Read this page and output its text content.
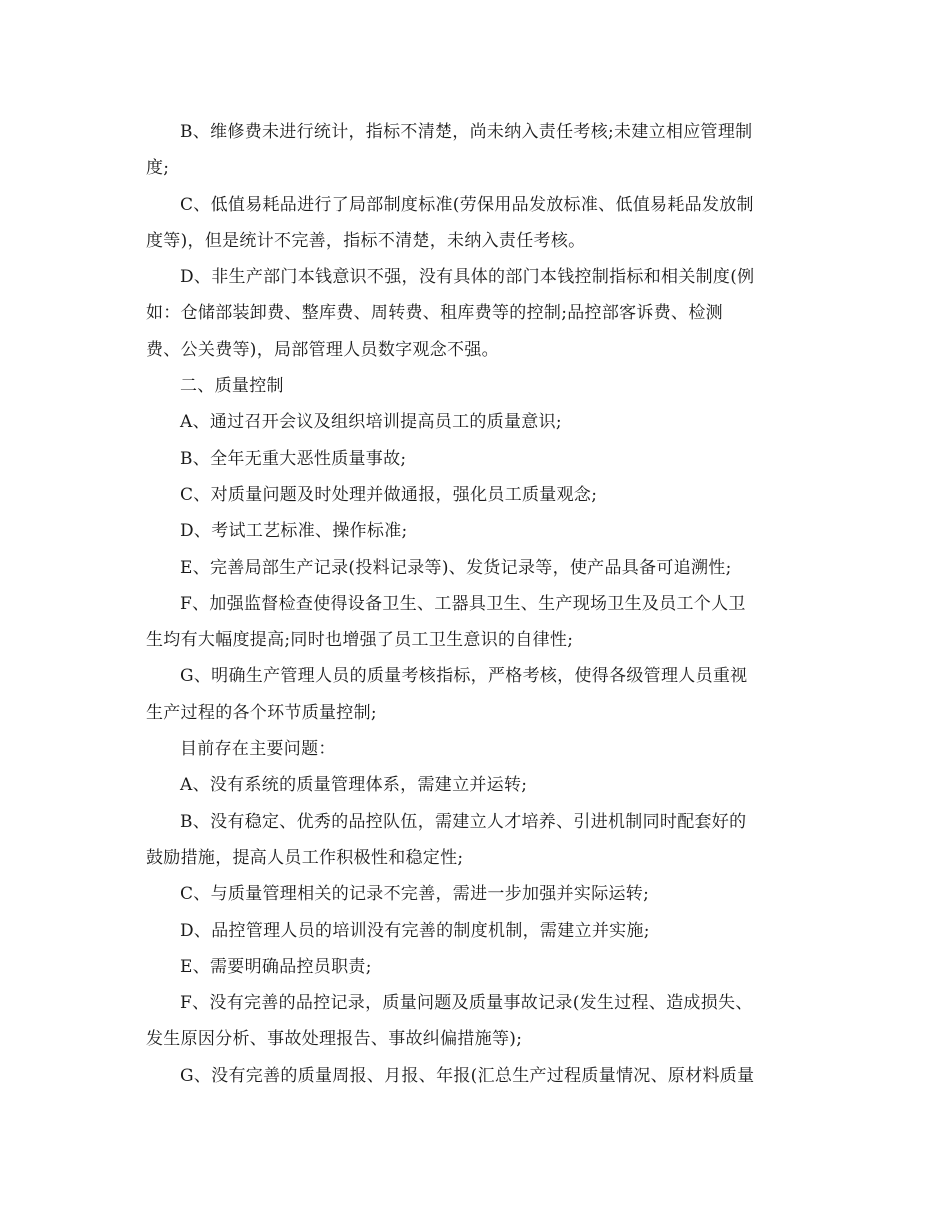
B、维修费未进行统计，指标不清楚，尚未纳入责任考核;未建立相应管理制

度;

C、低值易耗品进行了局部制度标准(劳保用品发放标准、低值易耗品发放制

度等)，但是统计不完善，指标不清楚，未纳入责任考核。

D、非生产部门本钱意识不强，没有具体的部门本钱控制指标和相关制度(例

如：仓储部装卸费、整库费、周转费、租库费等的控制;品控部客诉费、检测

费、公关费等)，局部管理人员数字观念不强。

二、质量控制

A、通过召开会议及组织培训提高员工的质量意识;

B、全年无重大恶性质量事故;

C、对质量问题及时处理并做通报，强化员工质量观念;

D、考试工艺标准、操作标准;

E、完善局部生产记录(投料记录等)、发货记录等，使产品具备可追溯性;

F、加强监督检查使得设备卫生、工器具卫生、生产现场卫生及员工个人卫

生均有大幅度提高;同时也增强了员工卫生意识的自律性;

G、明确生产管理人员的质量考核指标，严格考核，使得各级管理人员重视

生产过程的各个环节质量控制;

目前存在主要问题：

A、没有系统的质量管理体系，需建立并运转;

B、没有稳定、优秀的品控队伍，需建立人才培养、引进机制同时配套好的

鼓励措施，提高人员工作积极性和稳定性;

C、与质量管理相关的记录不完善，需进一步加强并实际运转;

D、品控管理人员的培训没有完善的制度机制，需建立并实施;

E、需要明确品控员职责;

F、没有完善的品控记录，质量问题及质量事故记录(发生过程、造成损失、

发生原因分析、事故处理报告、事故纠偏措施等);

G、没有完善的质量周报、月报、年报(汇总生产过程质量情况、原材料质量
